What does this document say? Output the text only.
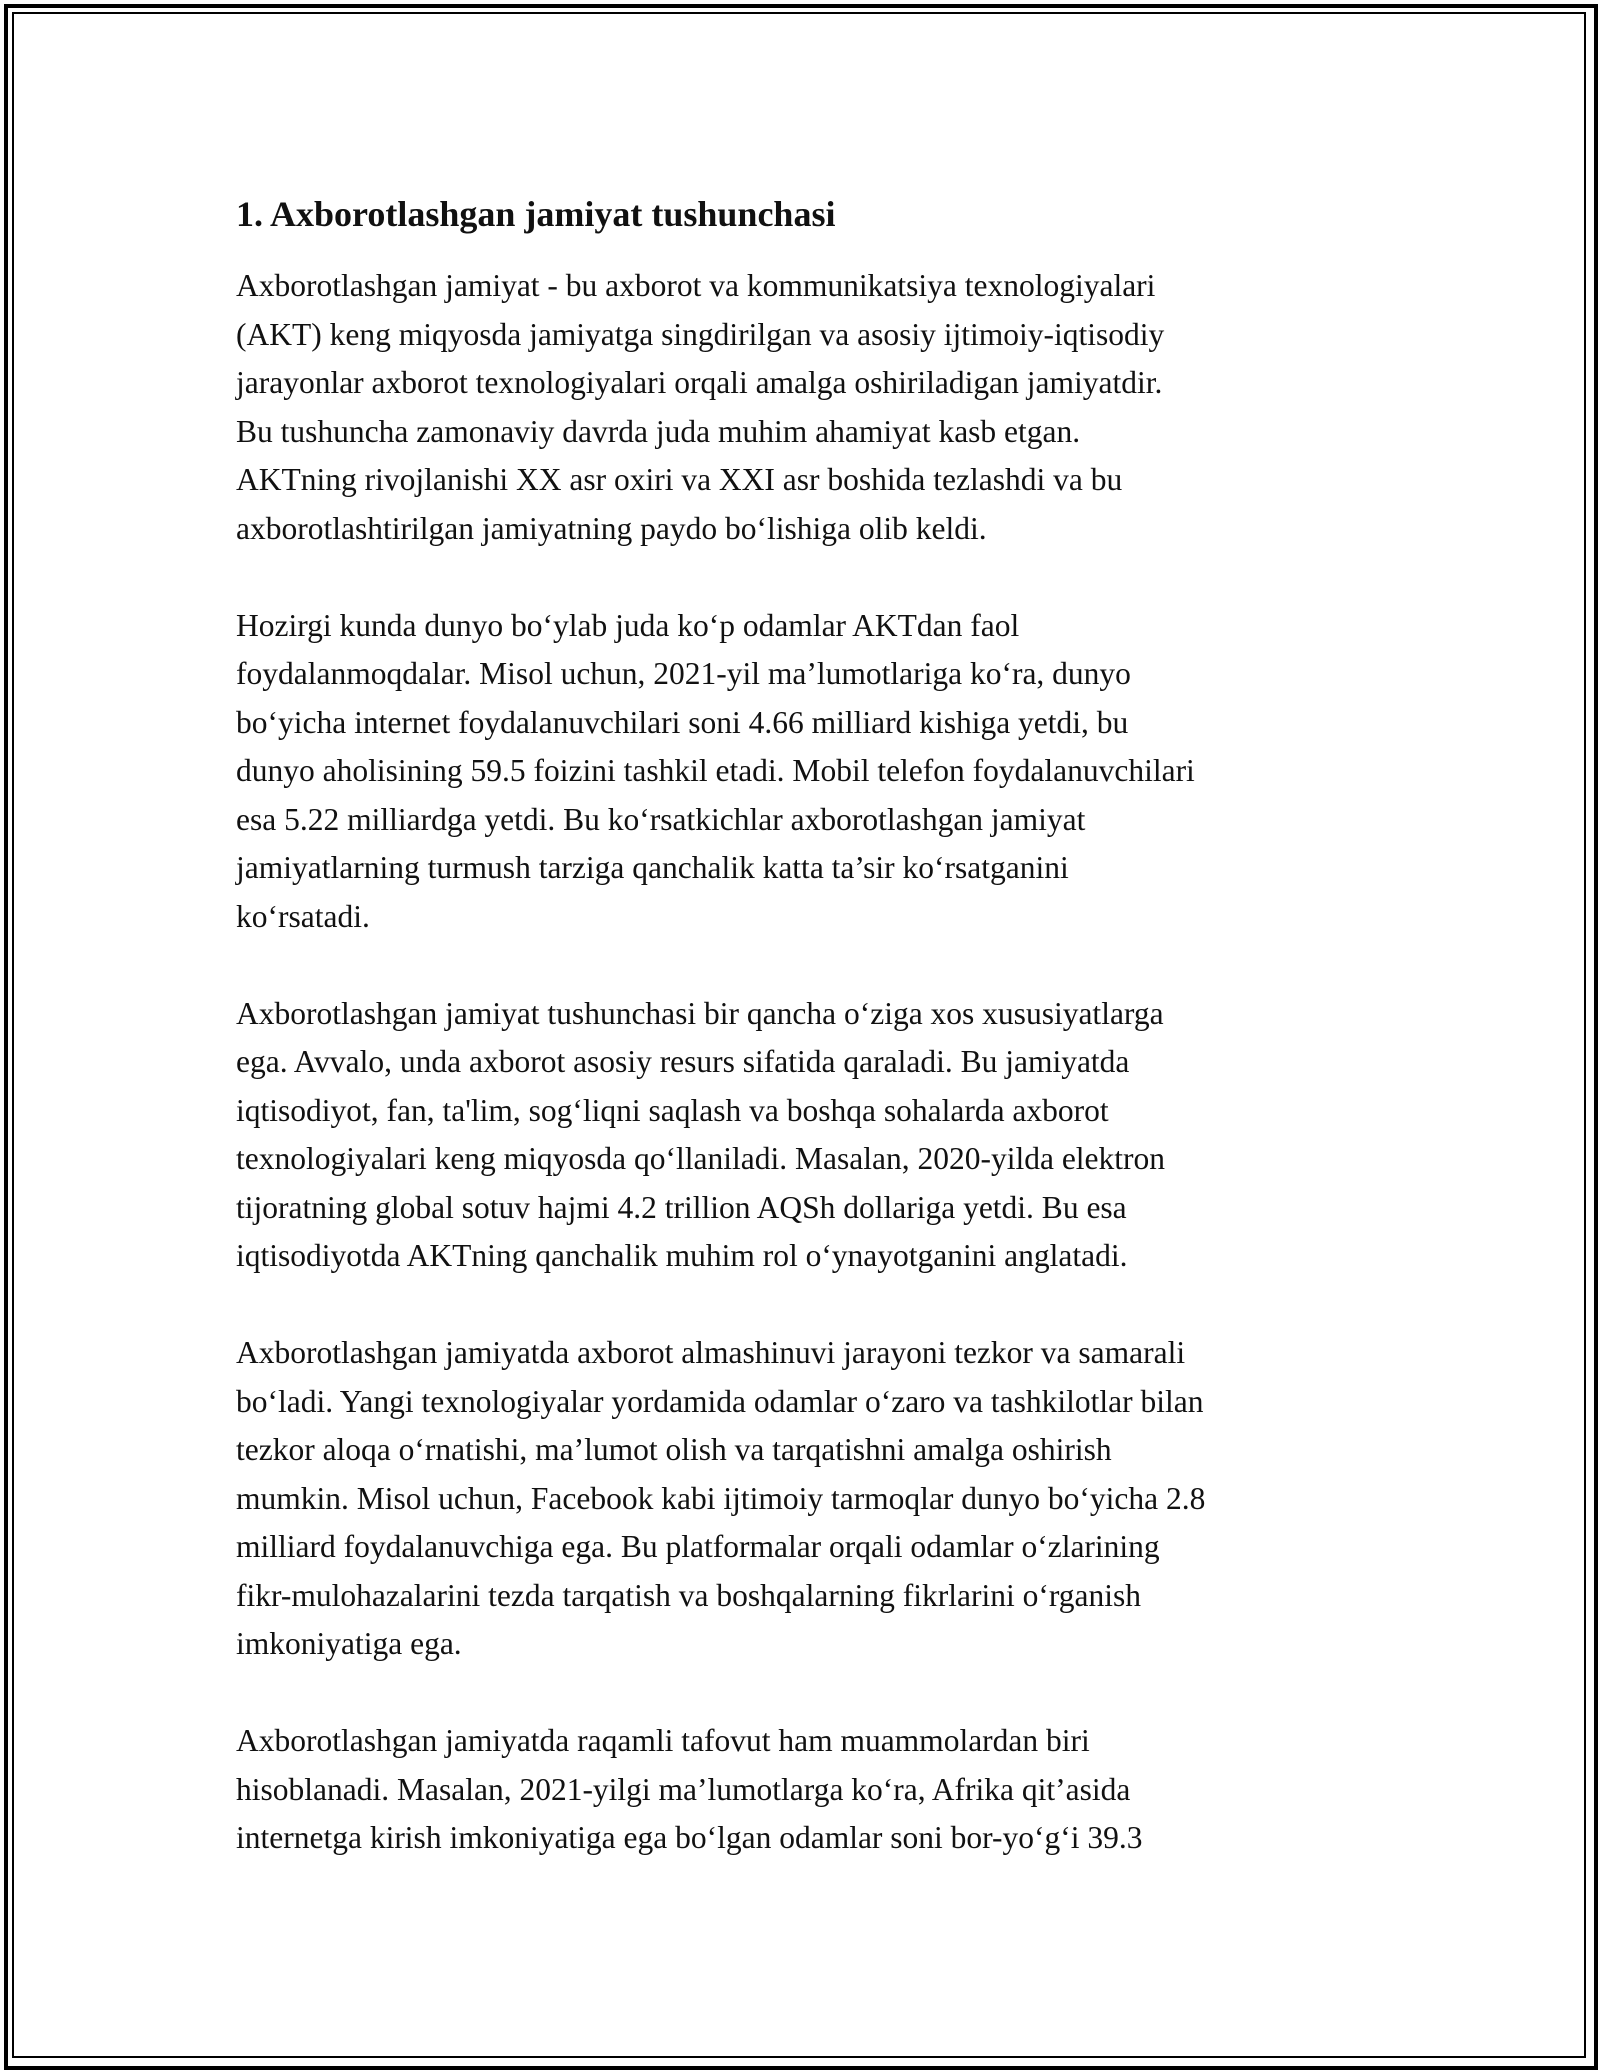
1. Axborotlashgan jamiyat tushunchasi
Axborotlashgan jamiyat - bu axborot va kommunikatsiya texnologiyalari
(AKT) keng miqyosda jamiyatga singdirilgan va asosiy ijtimoiy-iqtisodiy
jarayonlar axborot texnologiyalari orqali amalga oshiriladigan jamiyatdir.
Bu tushuncha zamonaviy davrda juda muhim ahamiyat kasb etgan.
AKTning rivojlanishi XX asr oxiri va XXI asr boshida tezlashdi va bu
axborotlashtirilgan jamiyatning paydo bo‘lishiga olib keldi.
Hozirgi kunda dunyo bo‘ylab juda ko‘p odamlar AKTdan faol
foydalanmoqdalar. Misol uchun, 2021-yil ma’lumotlariga ko‘ra, dunyo
bo‘yicha internet foydalanuvchilari soni 4.66 milliard kishiga yetdi, bu
dunyo aholisining 59.5 foizini tashkil etadi. Mobil telefon foydalanuvchilari
esa 5.22 milliardga yetdi. Bu ko‘rsatkichlar axborotlashgan jamiyat
jamiyatlarning turmush tarziga qanchalik katta ta’sir ko‘rsatganini
ko‘rsatadi.
Axborotlashgan jamiyat tushunchasi bir qancha o‘ziga xos xususiyatlarga
ega. Avvalo, unda axborot asosiy resurs sifatida qaraladi. Bu jamiyatda
iqtisodiyot, fan, ta'lim, sog‘liqni saqlash va boshqa sohalarda axborot
texnologiyalari keng miqyosda qo‘llaniladi. Masalan, 2020-yilda elektron
tijoratning global sotuv hajmi 4.2 trillion AQSh dollariga yetdi. Bu esa
iqtisodiyotda AKTning qanchalik muhim rol o‘ynayotganini anglatadi.
Axborotlashgan jamiyatda axborot almashinuvi jarayoni tezkor va samarali
bo‘ladi. Yangi texnologiyalar yordamida odamlar o‘zaro va tashkilotlar bilan
tezkor aloqa o‘rnatishi, ma’lumot olish va tarqatishni amalga oshirish
mumkin. Misol uchun, Facebook kabi ijtimoiy tarmoqlar dunyo bo‘yicha 2.8
milliard foydalanuvchiga ega. Bu platformalar orqali odamlar o‘zlarining
fikr-mulohazalarini tezda tarqatish va boshqalarning fikrlarini o‘rganish
imkoniyatiga ega.
Axborotlashgan jamiyatda raqamli tafovut ham muammolardan biri
hisoblanadi. Masalan, 2021-yilgi ma’lumotlarga ko‘ra, Afrika qit’asida
internetga kirish imkoniyatiga ega bo‘lgan odamlar soni bor-yo‘g‘i 39.3
